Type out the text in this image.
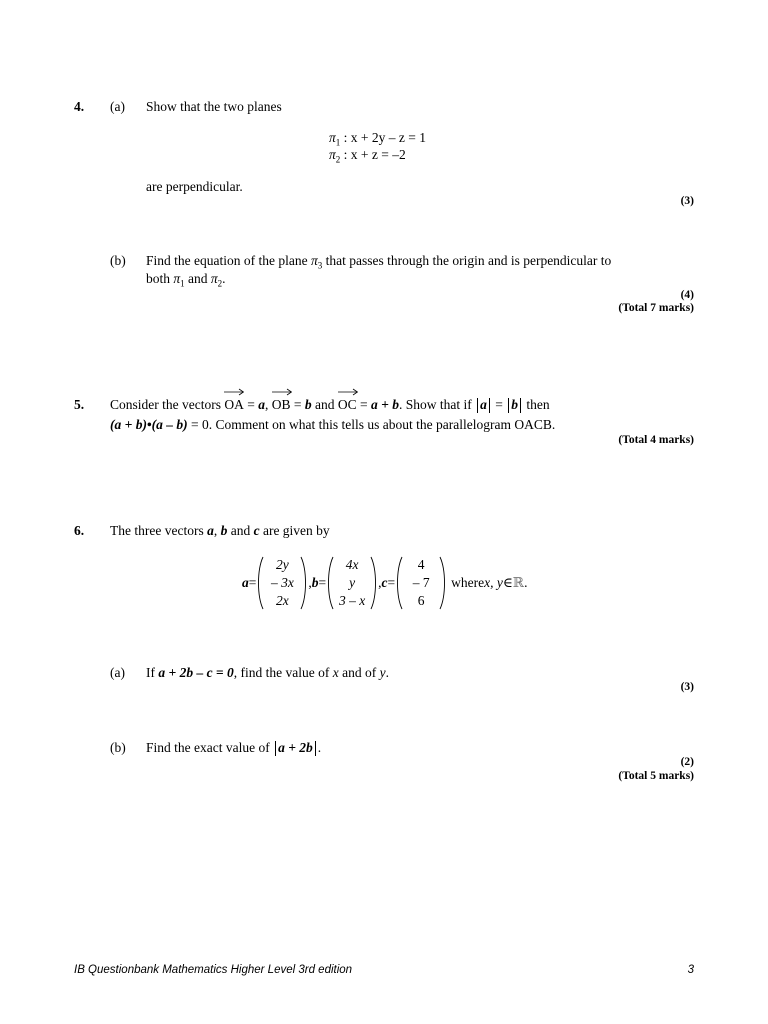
4. (a) Show that the two planes
$\pi_1$ : x + 2y – z = 1
$\pi_2$ : x + z = –2
are perpendicular.
(3)
(b) Find the equation of the plane $\pi_3$ that passes through the origin and is perpendicular to
both $\pi_1$ and $\pi_2$.
(4)
(Total 7 marks)
5. Consider the vectors
OA = a,
OB = b and
OC = a + b. Show that if a = b then
(a + b)•(a – b) = 0. Comment on what this tells us about the parallelogram OACB.
(Total 4 marks)
6. The three vectors a, b and c are given by
a =
2y
– 3x
2x
, b =
4x
y
3 – x
, c =
4
– 7
6
where x, y ∈ ℝ .
(a) If a + 2b – c = 0, find the value of x and of y.
(3)
(b) Find the exact value of a + 2b .
(2)
(Total 5 marks)
IB Questionbank Mathematics Higher Level 3rd edition	3
